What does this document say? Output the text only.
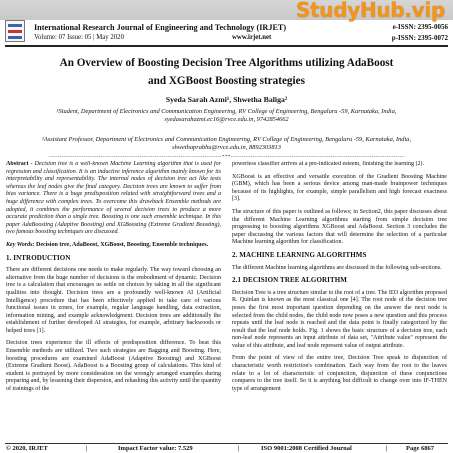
StudyHub.vip
International Research Journal of Engineering and Technology (IRJET)
Volume: 07 Issue: 05 | May 2020	www.irjet.net
e-ISSN: 2395-0056
p-ISSN: 2395-0072
An Overview of Boosting Decision Tree Algorithms utilizing AdaBoost
and XGBoost Boosting strategies
Syeda Sarah Azmi¹, Shwetha Baliga²
¹Student, Department of Electronics and Communication Engineering, RV College of Engineering, Bengaluru -59, Karnataka, India,
syedasarahazmi.ec16@rvce.edu.in, 9742854662
²Assistant Professor, Department of Electronics and Communication Engineering, RV College of Engineering, Bengaluru -59, Karnataka, India, shwethaprabhu@rvce.edu.in, 8892303813
--------------------------------------------------------------------------------***--------------------------------------------------------------------------------

Abstract - Decision tree is a well-known Machine Learning algorithm that is used for regression and classification. It is an inductive inference algorithm mainly known for its interpretability and representability. The internal nodes of decision tree act like tests whereas the leaf nodes give the final category. Decision trees are known to suffer from bias variance. There is a huge predisposition related with straightforward trees and a huge difference with complex trees. To overcome this drawback Ensemble methods are adopted, it combines the performance of several decision trees to produce a more accurate prediction than a single tree. Boosting is one such ensemble technique. In this paper AdaBoosting (Adaptive Boosting) and XGBoosting (Extreme Gradient Boosting), two famous boosting techniques are discussed.

Key Words: Decision tree, AdaBoost, XGBoost, Boosting, Ensemble techniques.

1. INTRODUCTION

There are different decisions one needs to make regularly. The way toward choosing an alternative from the huge number of decisions is the embodiment of dynamic. Decision tree is a calculation that encourages us settle on choices by taking in all the significant qualities into thought. Decision trees are a profoundly well-known AI (Artificial Intelligence) procedure that has been effectively applied to take care of various functional issues in zones, for example, regular language handling, data extraction, information mining, and example acknowledgment. Decision trees are additionally the establishment of further developed AI strategies, for example, arbitrary backwoods or helped trees [1].

Decision trees experience the ill effects of predisposition difference. To beat this Ensemble methods are utilized. Two such strategies are Bagging and Boosting. Here, boosting procedures are examined AdaBoost (Adaptive Boosting) and XGBoost (Extreme Gradient Boost). AdaBoost is a Boosting group of calculations. This kind of student is portrayed by more consideration on the wrongly arranged examples during preparing and, by lessening their dispersion, and rehashing this activity until the quantity of trainings of the

powerless classifier arrives at a pre-indicated esteem, finishing the learning [2].

XGBoost is an effective and versatile execution of the Gradient Boosting Machine (GBM), which has been a serious device among man-made brainpower techniques because of its highlights, for example, simple parallelism and high forecast exactness [3].

The structure of this paper is outlined as follows; in Section2, this paper discusses about the different Machine Learning algorithms starting from simple decision tree progressing to boosting algorithms XGBoost and AdaBoost. Section 3 concludes the paper discussing the various factors that will determine the selection of a particular Machine learning algorithm for classification.

2. MACHINE LEARNING ALGORITHMS

The different Machine learning algorithms are discussed in the following sub-sections.

2.1 DECISION TREE ALGORITHM

Decision Tree is a tree structure similar to the root of a tree. The ID3 algorithm proposed R. Quinlan is known as the most classical one [4]. The root node of the decision tree poses the first most important question depending on the answer the next node is selected from the child nodes, the child node now poses a new question and this process repeats until the leaf node is reached and the data point is finally categorized by the result that the leaf node holds. Fig. 1 shows the basic structure of a decision tree, each non-leaf node represents an input attribute of data set, "Attribute value" represent the value of this attribute, and leaf node represent value of output attribute.

From the point of view of the entire tree, Decision Tree speak to disjunction of characteristic worth restriction's combination. Each way from the root to the leaves relate to a lot of characteristic of conjunction, disjunction of these conjunctions compares to the tree itself. So it is anything but difficult to change over into IF-THEN type of arrangement

© 2020, IRJET	|	Impact Factor value: 7.529	|	ISO 9001:2008 Certified Journal	|	Page 6867
